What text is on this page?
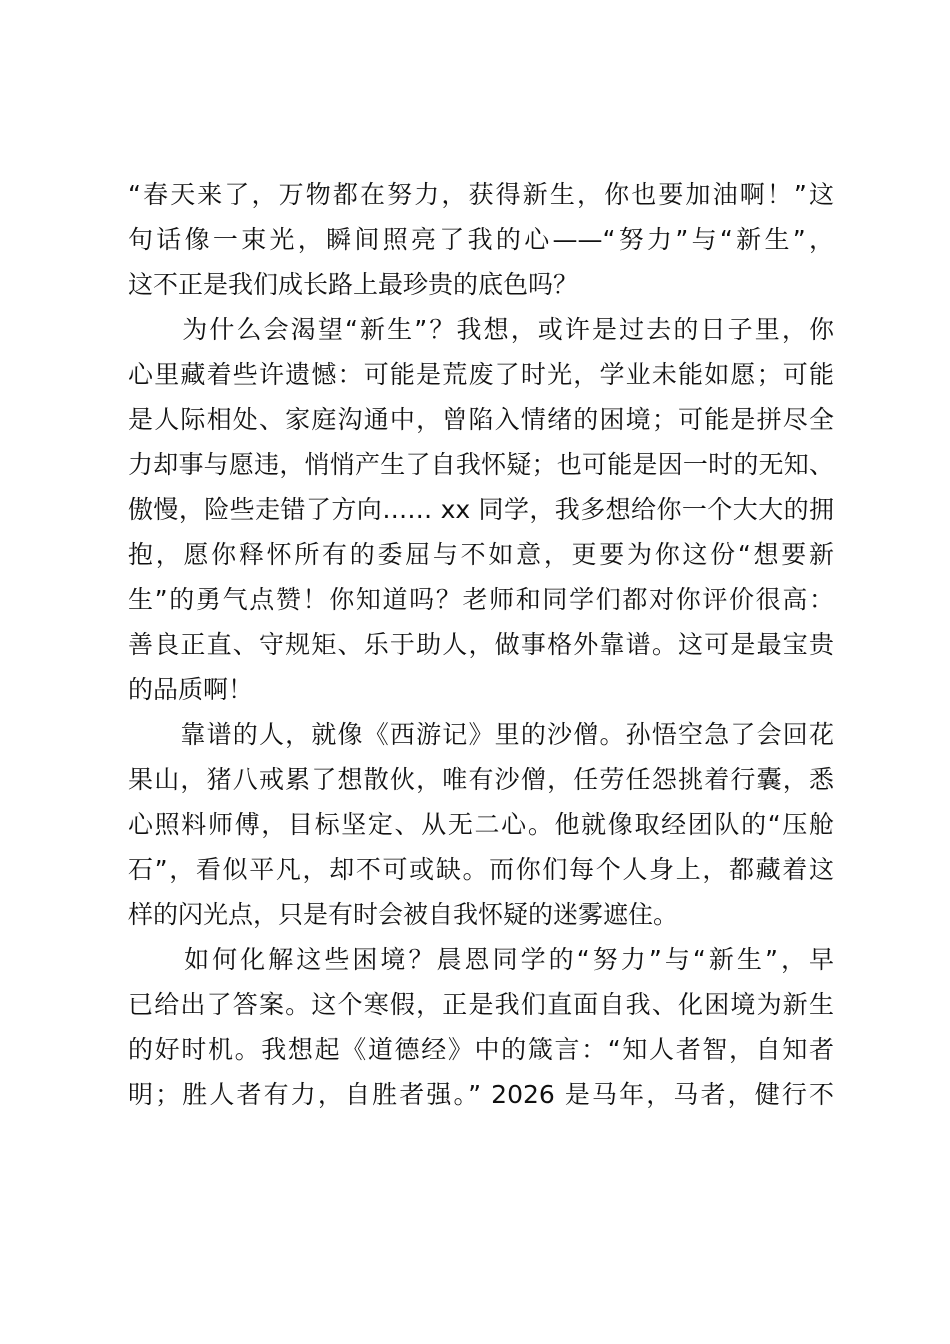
“春天来了，万物都在努力，获得新生，你也要加油啊！”这
句话像一束光，瞬间照亮了我的心——“努力”与“新生”，
这不正是我们成长路上最珍贵的底色吗？
　　为什么会渴望“新生”？我想，或许是过去的日子里，你
心里藏着些许遗憾：可能是荒废了时光，学业未能如愿；可能
是人际相处、家庭沟通中，曾陷入情绪的困境；可能是拼尽全
力却事与愿违，悄悄产生了自我怀疑；也可能是因一时的无知、
傲慢，险些走错了方向…… xx 同学，我多想给你一个大大的拥
抱，愿你释怀所有的委屈与不如意，更要为你这份“想要新
生”的勇气点赞！你知道吗？老师和同学们都对你评价很高：
善良正直、守规矩、乐于助人，做事格外靠谱。这可是最宝贵
的品质啊！
　　靠谱的人，就像《西游记》里的沙僧。孙悟空急了会回花
果山，猪八戒累了想散伙，唯有沙僧，任劳任怨挑着行囊，悉
心照料师傅，目标坚定、从无二心。他就像取经团队的“压舱
石”，看似平凡，却不可或缺。而你们每个人身上，都藏着这
样的闪光点，只是有时会被自我怀疑的迷雾遮住。
　　如何化解这些困境？晨恩同学的“努力”与“新生”，早
已给出了答案。这个寒假，正是我们直面自我、化困境为新生
的好时机。我想起《道德经》中的箴言：“知人者智，自知者
明；胜人者有力，自胜者强。” 2026 是马年，马者，健行不
